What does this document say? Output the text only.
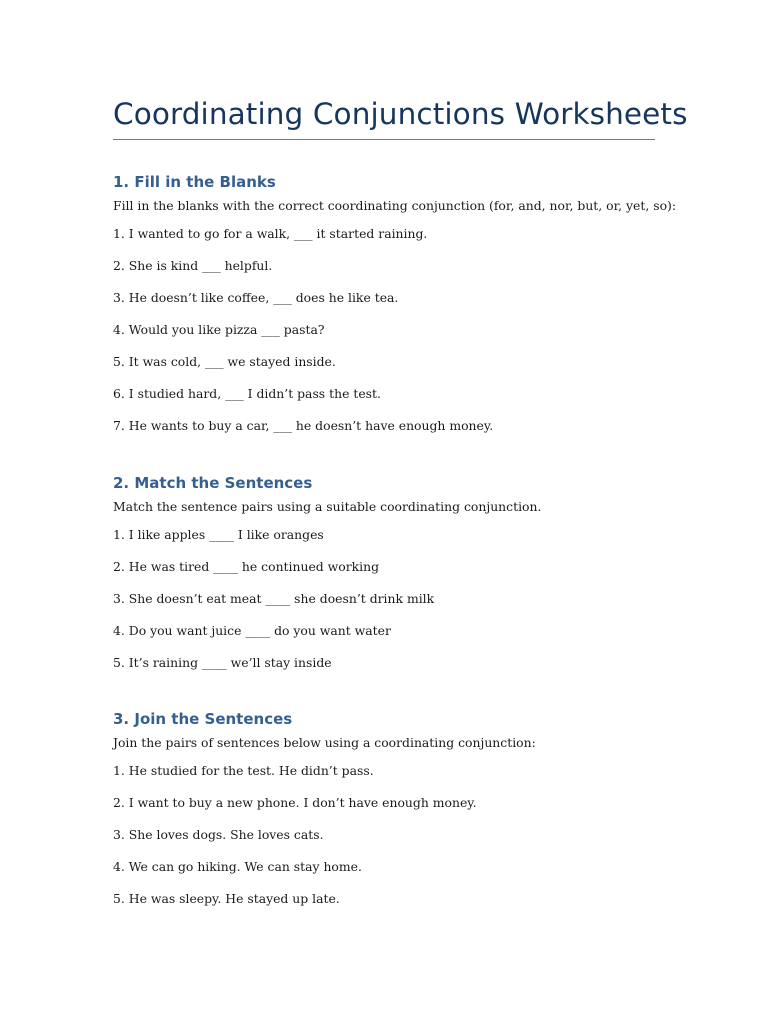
Coordinating Conjunctions Worksheets
1. Fill in the Blanks

Fill in the blanks with the correct coordinating conjunction (for, and, nor, but, or, yet, so):

1. I wanted to go for a walk, ___ it started raining.
2. She is kind ___ helpful.
3. He doesn’t like coffee, ___ does he like tea.
4. Would you like pizza ___ pasta?
5. It was cold, ___ we stayed inside.
6. I studied hard, ___ I didn’t pass the test.
7. He wants to buy a car, ___ he doesn’t have enough money.
2. Match the Sentences

Match the sentence pairs using a suitable coordinating conjunction.

1. I like apples ____ I like oranges
2. He was tired ____ he continued working
3. She doesn’t eat meat ____ she doesn’t drink milk
4. Do you want juice ____ do you want water
5. It’s raining ____ we’ll stay inside
3. Join the Sentences

Join the pairs of sentences below using a coordinating conjunction:

1. He studied for the test. He didn’t pass.
2. I want to buy a new phone. I don’t have enough money.
3. She loves dogs. She loves cats.
4. We can go hiking. We can stay home.
5. He was sleepy. He stayed up late.
